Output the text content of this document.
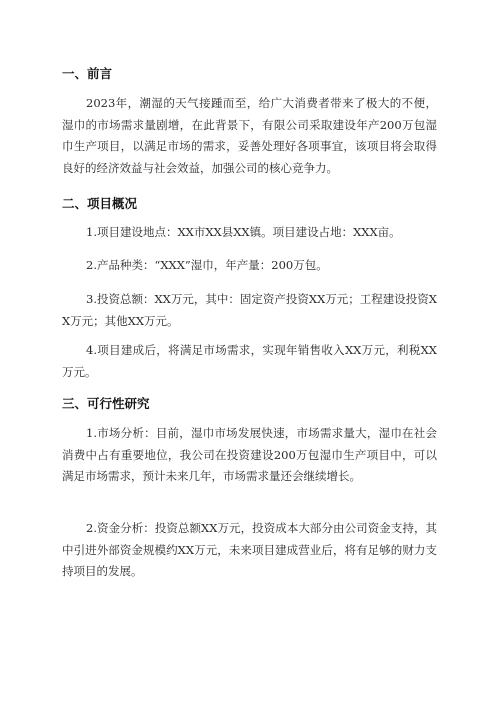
一、前言
2023年，潮湿的天气接踵而至，给广大消费者带来了极大的不便，湿巾的市场需求量剧增，在此背景下，有限公司采取建设年产200万包湿巾生产项目，以满足市场的需求，妥善处理好各项事宜，该项目将会取得良好的经济效益与社会效益，加强公司的核心竞争力。
二、项目概况
1.项目建设地点：XX市XX县XX镇。项目建设占地：XXX亩。
2.产品种类：“XXX”湿巾，年产量：200万包。
3.投资总额：XX万元，其中：固定资产投资XX万元；工程建设投资XX万元；其他XX万元。
4.项目建成后，将满足市场需求，实现年销售收入XX万元，利税XX万元。
三、可行性研究
1.市场分析：目前，湿巾市场发展快速，市场需求量大，湿巾在社会消费中占有重要地位，我公司在投资建设200万包湿巾生产项目中，可以满足市场需求，预计未来几年，市场需求量还会继续增长。
2.资金分析：投资总额XX万元，投资成本大部分由公司资金支持，其中引进外部资金规模约XX万元，未来项目建成营业后，将有足够的财力支持项目的发展。
